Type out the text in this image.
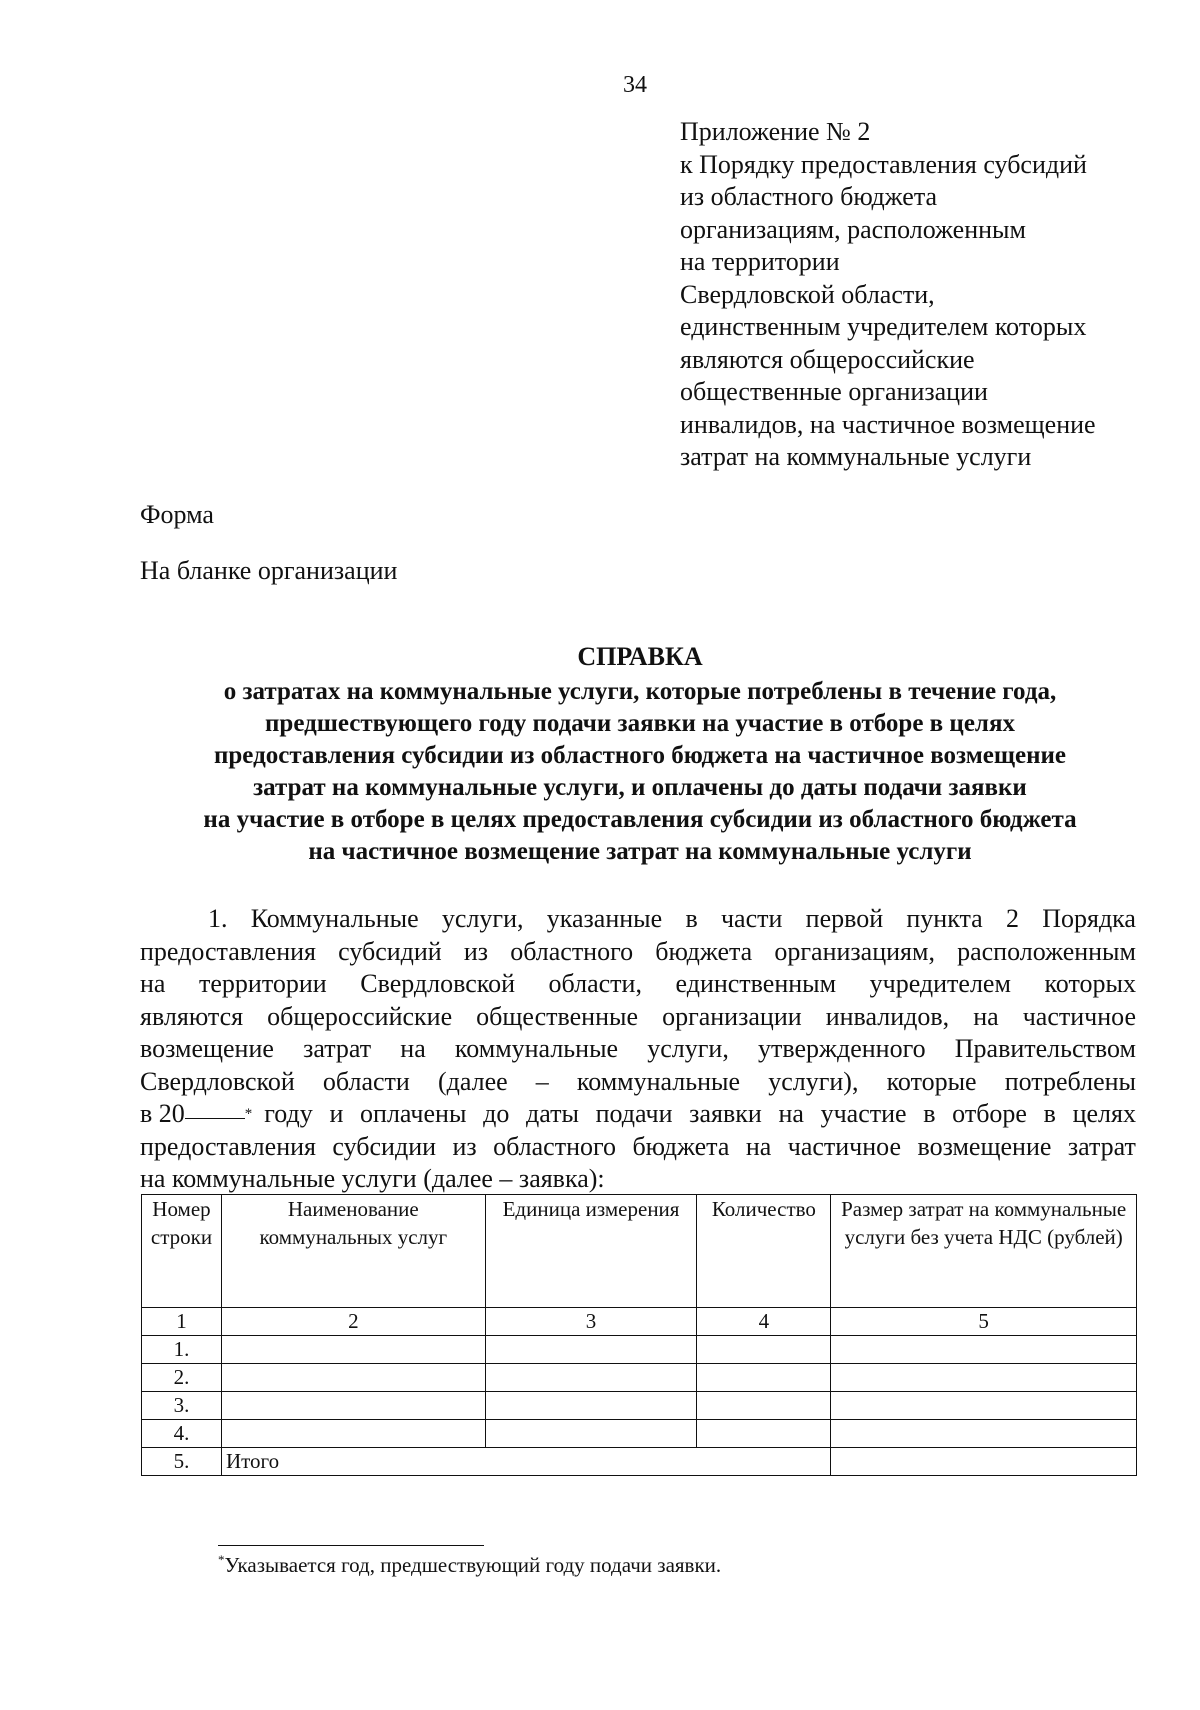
34
Приложение № 2
к Порядку предоставления субсидий
из областного бюджета
организациям, расположенным
на территории
Свердловской области,
единственным учредителем которых
являются общероссийские
общественные организации
инвалидов, на частичное возмещение
затрат на коммунальные услуги
Форма
На бланке организации
СПРАВКА
о затратах на коммунальные услуги, которые потреблены в течение года,
предшествующего году подачи заявки на участие в отборе в целях
предоставления субсидии из областного бюджета на частичное возмещение
затрат на коммунальные услуги, и оплачены до даты подачи заявки
на участие в отборе в целях предоставления субсидии из областного бюджета
на частичное возмещение затрат на коммунальные услуги
1. Коммунальные услуги, указанные в части первой пункта 2 Порядка
предоставления субсидий из областного бюджета организациям, расположенным
на территории Свердловской области, единственным учредителем которых
являются общероссийские общественные организации инвалидов, на частичное
возмещение затрат на коммунальные услуги, утвержденного Правительством
Свердловской области (далее – коммунальные услуги), которые потреблены
в 20	$_*$ году и оплачены до даты подачи заявки на участие в отборе в целях
предоставления субсидии из областного бюджета на частичное возмещение затрат
на коммунальные услуги (далее – заявка):
Номер строки	Наименование коммунальных услуг	Единица измерения	Количество	Размер затрат на коммунальные услуги без учета НДС (рублей)
1	2	3	4	5
1.				
2.				
3.				
4.				
5.	Итого			
*Указывается год, предшествующий году подачи заявки.
